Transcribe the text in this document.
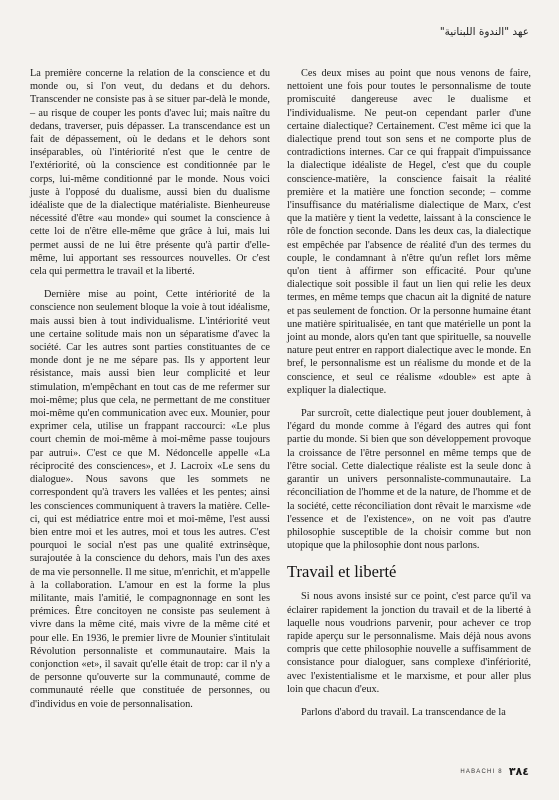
عهد "الندوة اللبنانية"

La première concerne la relation de la conscience et du monde ou, si l'on veut, du dedans et du dehors. Transcender ne consiste pas à se situer par-delà le monde, – au risque de couper les ponts d'avec lui; mais naître du dedans, traverser, puis dépasser. La transcendance est un fait de dépassement, où le dedans et le dehors sont inséparables, où l'intériorité n'est que le centre de l'extériorité, où la conscience est conditionnée par le corps, lui-même conditionné par le monde. Nous voici juste à l'opposé du dualisme, aussi bien du dualisme idéaliste que de la dialectique matérialiste. Bienheureuse nécessité d'être «au monde» qui soumet la conscience à cette loi de n'être elle-même que grâce à lui, mais lui permet aussi de ne lui être présente qu'à partir d'elle-même, lui apportant ses ressources nouvelles. Or c'est cela qui permettra le travail et la liberté.

Dernière mise au point, Cette intériorité de la conscience non seulement bloque la voie à tout idéalisme, mais aussi bien à tout individualisme. L'intériorité veut une certaine solitude mais non un séparatisme d'avec la société. Car les autres sont parties constituantes de ce monde dont je ne me sépare pas. Ils y apportent leur résistance, mais aussi bien leur complicité et leur stimulation, m'empêchant en tout cas de me refermer sur moi-même; plus que cela, ne permettant de me constituer moi-même qu'en communication avec eux. Mounier, pour exprimer cela, utilise un frappant raccourci: «Le plus court chemin de moi-même à moi-même passe toujours par autrui». C'est ce que M. Nédoncelle appelle «La réciprocité des consciences», et J. Lacroix «Le sens du dialogue». Nous savons que les sommets ne correspondent qu'à travers les vallées et les pentes; ainsi les consciences communiquent à travers la matière. Celle-ci, qui est médiatrice entre moi et moi-même, l'est aussi bien entre moi et les autres, moi et tous les autres. C'est pourquoi le social n'est pas une qualité extrinsèque, surajoutée à la conscience du dehors, mais l'un des axes de ma vie personnelle. Il me situe, m'enrichit, et m'appelle à la collaboration. L'amour en est la forme la plus militante, mais l'amitié, le compagnonnage en sont les prémices. Être concitoyen ne consiste pas seulement à vivre dans la même cité, mais vivre de la même cité et pour elle. En 1936, le premier livre de Mounier s'intitulait Révolution personnaliste et communautaire. Mais la conjonction «et», il savait qu'elle était de trop: car il n'y a de personne qu'ouverte sur la communauté, comme de communauté réelle que constituée de personnes, ou d'individus en voie de personnalisation.

Ces deux mises au point que nous venons de faire, nettoient une fois pour toutes le personnalisme de toute promiscuité dangereuse avec le dualisme et l'individualisme. Ne peut-on cependant parler d'une certaine dialectique? Certainement. C'est même ici que la dialectique prend tout son sens et ne comporte plus de contradictions internes. Car ce qui frappait d'impuissance la dialectique idéaliste de Hegel, c'est que du couple conscience-matière, la conscience faisait la réalité première et la matière une fonction seconde; – comme l'insuffisance du matérialisme dialectique de Marx, c'est que la matière y tient la vedette, laissant à la conscience le rôle de fonction seconde. Dans les deux cas, la dialectique est empêchée par l'absence de réalité d'un des termes du couple, le condamnant à n'être qu'un reflet lors même qu'on tient à affirmer son efficacité. Pour qu'une dialectique soit possible il faut un lien qui relie les deux termes, en même temps que chacun ait la dignité de nature et pas seulement de fonction. Or la personne humaine étant une matière spiritualisée, en tant que matérielle un pont la joint au monde, alors qu'en tant que spirituelle, sa nouvelle nature peut entrer en rapport dialectique avec le monde. En bref, le personnalisme est un réalisme du monde et de la conscience, et seul ce réalisme «double» est apte à expliquer la dialectique.

Par surcroît, cette dialectique peut jouer doublement, à l'égard du monde comme à l'égard des autres qui font partie du monde. Si bien que son développement provoque la croissance de l'être personnel en même temps que de l'être social. Cette dialectique réaliste est la seule donc à garantir un univers personnaliste-communautaire. La réconciliation de l'homme et de la nature, de l'homme et de la société, cette réconciliation dont rêvait le marxisme «de l'essence et de l'existence», on ne voit pas d'autre philosophie susceptible de la choisir comme but non utopique que la philosophie dont nous parlons.

Travail et liberté

Si nous avons insisté sur ce point, c'est parce qu'il va éclairer rapidement la jonction du travail et de la liberté à laquelle nous voudrions parvenir, pour achever ce trop rapide aperçu sur le personnalisme. Mais déjà nous avons compris que cette philosophie nouvelle a suffisamment de consistance pour dialoguer, sans complexe d'infériorité, avec l'existentialisme et le marxisme, et pour aller plus loin que chacun d'eux.

Parlons d'abord du travail. La transcendance de la

HABACHI 8 ٣٨٤
